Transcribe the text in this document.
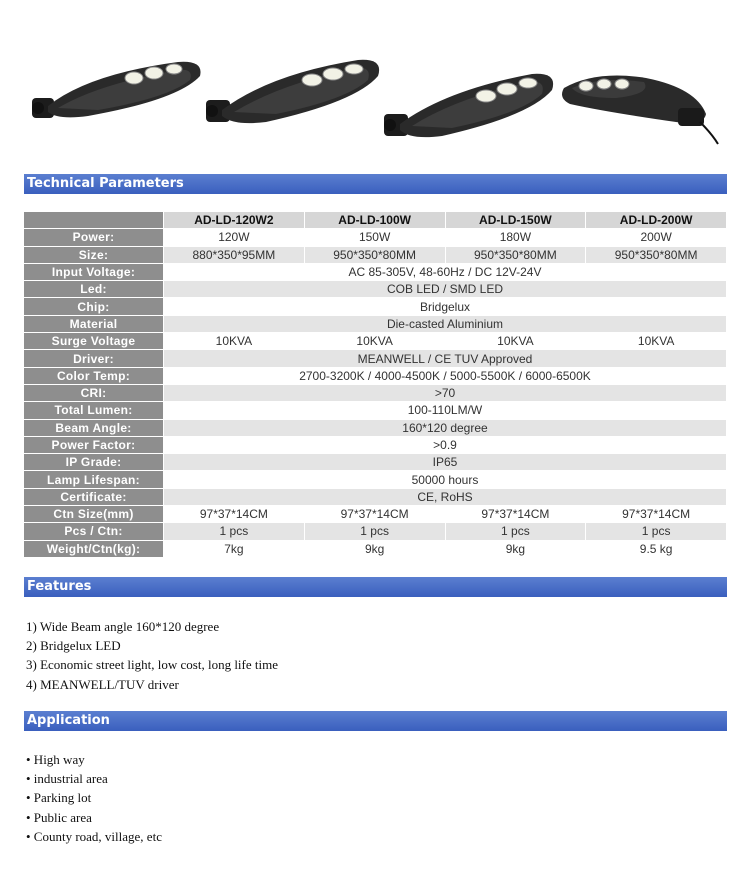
Technical Parameters
	AD-LD-120W2	AD-LD-100W	AD-LD-150W	AD-LD-200W
Power:	120W	150W	180W	200W
Size:	880*350*95MM	950*350*80MM	950*350*80MM	950*350*80MM
Input Voltage:	AC 85-305V, 48-60Hz / DC 12V-24V			
Led:	COB LED / SMD LED			
Chip:	Bridgelux			
Material	Die-casted Aluminium			
Surge Voltage	10KVA	10KVA	10KVA	10KVA
Driver:	MEANWELL / CE TUV Approved			
Color Temp:	2700-3200K / 4000-4500K / 5000-5500K / 6000-6500K			
CRI:	>70			
Total Lumen:	100-110LM/W			
Beam Angle:	160*120 degree			
Power Factor:	>0.9			
IP Grade:	IP65			
Lamp Lifespan:	50000 hours			
Certificate:	CE, RoHS			
Ctn Size(mm)	97*37*14CM	97*37*14CM	97*37*14CM	97*37*14CM
Pcs / Ctn:	1 pcs	1 pcs	1 pcs	1 pcs
Weight/Ctn(kg):	7kg	9kg	9kg	9.5 kg
Features
1) Wide Beam angle 160*120 degree
2) Bridgelux LED
3) Economic street light, low cost, long life time
4) MEANWELL/TUV driver
Application
• High way
• industrial area
• Parking lot
• Public area
• County road, village, etc
